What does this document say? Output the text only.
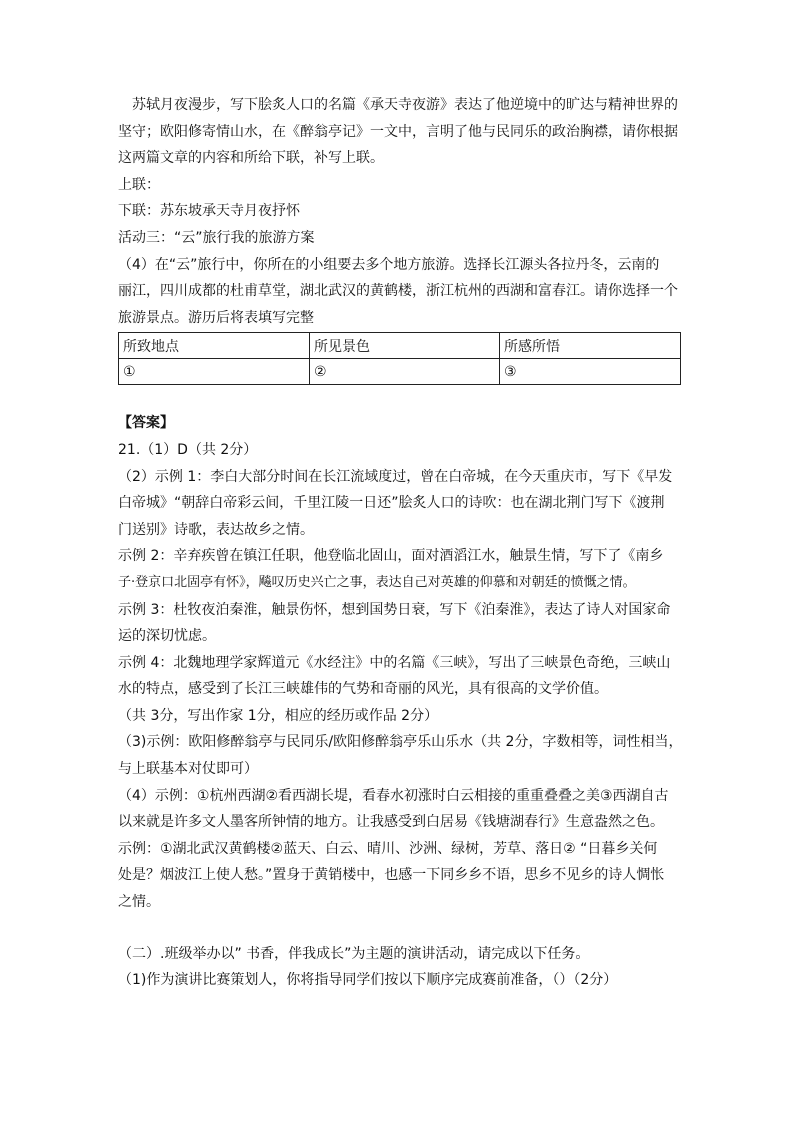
苏轼月夜漫步，写下脍炙人口的名篇《承天寺夜游》表达了他逆境中的旷达与精神世界的

坚守；欧阳修寄情山水，在《醉翁亭记》一文中，言明了他与民同乐的政治胸襟，请你根据

这两篇文章的内容和所给下联，补写上联。

上联：

下联：苏东坡承天寺月夜抒怀

活动三：“云”旅行我的旅游方案

（4）在“云”旅行中，你所在的小组要去多个地方旅游。选择长江源头各拉丹冬，云南的

丽江，四川成都的杜甫草堂，湖北武汉的黄鹤楼，浙江杭州的西湖和富春江。请你选择一个

旅游景点。游历后将表填写完整

所致地点	所见景色	所感所悟
①	②	③

【答案】

21.（1）D（共 2分）

（2）示例 1：李白大部分时间在长江流域度过，曾在白帝城，在今天重庆市，写下《早发

白帝城》“朝辞白帝彩云间，千里江陵一日还”脍炙人口的诗吹：也在湖北荆门写下《渡荆

门送别》诗歌，表达故乡之情。

示例 2：辛弃疾曾在镇江任职，他登临北固山，面对酒滔江水，触景生情，写下了《南乡

子·登京口北固亭有怀》，飚叹历史兴亡之事，表达自己对英雄的仰慕和对朝廷的愤慨之情。

示例 3：杜牧夜泊秦淮，触景伤怀，想到国势日衰，写下《泊秦淮》，表达了诗人对国家命

运的深切忧虑。

示例 4：北魏地理学家辉道元《水经注》中的名篇《三峡》，写出了三峡景色奇绝，三峡山

水的特点，感受到了长江三峡雄伟的气势和奇丽的风光，具有很高的文学价值。

（共 3分，写出作家 1分，相应的经历或作品 2分）

（3)示例：欧阳修醉翁亭与民同乐/欧阳修醉翁亭乐山乐水（共 2分，字数相等，词性相当，

与上联基本对仗即可）

（4）示例：①杭州西湖②看西湖长堤，看春水初涨时白云相接的重重叠叠之美③西湖自古

以来就是许多文人墨客所钟情的地方。让我感受到白居易《钱塘湖春行》生意盎然之色。

示例：①湖北武汉黄鹤楼②蓝天、白云、晴川、沙洲、绿树，芳草、落日② “日暮乡关何

处是？烟波江上使人愁。”置身于黄销楼中，也感一下同乡乡不语，思乡不见乡的诗人惆怅

之情。

（二）.班级举办以” 书香，伴我成长”为主题的演讲活动，请完成以下任务。

（1)作为演讲比赛策划人，你将指导同学们按以下顺序完成赛前准备，（）（2分）
